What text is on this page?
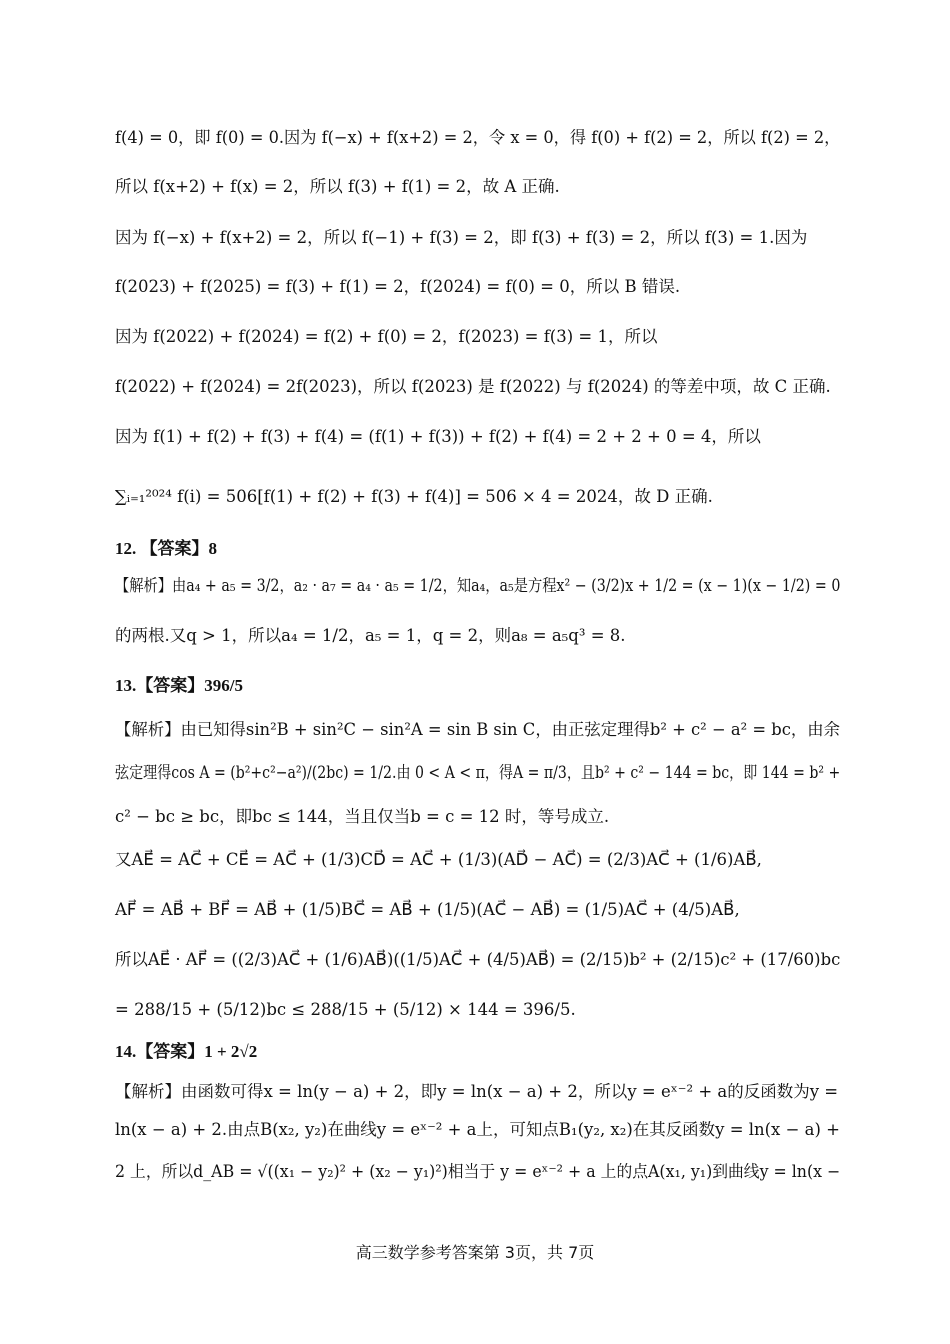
f(4) = 0，即 f(0) = 0.因为 f(−x) + f(x+2) = 2，令 x = 0，得 f(0) + f(2) = 2，所以 f(2) = 2，
所以 f(x+2) + f(x) = 2，所以 f(3) + f(1) = 2，故 A 正确.
因为 f(−x) + f(x+2) = 2，所以 f(−1) + f(3) = 2，即 f(3) + f(3) = 2，所以 f(3) = 1.因为
f(2023) + f(2025) = f(3) + f(1) = 2，f(2024) = f(0) = 0，所以 B 错误.
因为 f(2022) + f(2024) = f(2) + f(0) = 2，f(2023) = f(3) = 1，所以
f(2022) + f(2024) = 2f(2023)，所以 f(2023) 是 f(2022) 与 f(2024) 的等差中项，故 C 正确.
因为 f(1) + f(2) + f(3) + f(4) = (f(1) + f(3)) + f(2) + f(4) = 2 + 2 + 0 = 4，所以
∑ᵢ₌₁²⁰²⁴ f(i) = 506[f(1) + f(2) + f(3) + f(4)] = 506 × 4 = 2024，故 D 正确.
12. 【答案】8
【解析】由a₄ + a₅ = 3/2，a₂ · a₇ = a₄ · a₅ = 1/2，知a₄，a₅是方程x² − (3/2)x + 1/2 = (x − 1)(x − 1/2) = 0
的两根.又q > 1，所以a₄ = 1/2，a₅ = 1，q = 2，则a₈ = a₅q³ = 8.
13.【答案】396/5
【解析】由已知得sin²B + sin²C − sin²A = sin B sin C，由正弦定理得b² + c² − a² = bc，由余
弦定理得cos A = (b²+c²−a²)/(2bc) = 1/2.由 0 < A < π，得A = π/3，且b² + c² − 144 = bc，即 144 = b² +
c² − bc ≥ bc，即bc ≤ 144，当且仅当b = c = 12 时，等号成立.
又AE⃗ = AC⃗ + CE⃗ = AC⃗ + (1/3)CD⃗ = AC⃗ + (1/3)(AD⃗ − AC⃗) = (2/3)AC⃗ + (1/6)AB⃗,
AF⃗ = AB⃗ + BF⃗ = AB⃗ + (1/5)BC⃗ = AB⃗ + (1/5)(AC⃗ − AB⃗) = (1/5)AC⃗ + (4/5)AB⃗,
所以AE⃗ · AF⃗ = ((2/3)AC⃗ + (1/6)AB⃗)((1/5)AC⃗ + (4/5)AB⃗) = (2/15)b² + (2/15)c² + (17/60)bc
= 288/15 + (5/12)bc ≤ 288/15 + (5/12) × 144 = 396/5.
14.【答案】1 + 2√2
【解析】由函数可得x = ln(y − a) + 2，即y = ln(x − a) + 2，所以y = eˣ⁻² + a的反函数为y =
ln(x − a) + 2.由点B(x₂, y₂)在曲线y = eˣ⁻² + a上，可知点B₁(y₂, x₂)在其反函数y = ln(x − a) +
2 上，所以d_AB = √((x₁ − y₂)² + (x₂ − y₁)²)相当于 y = eˣ⁻² + a 上的点A(x₁, y₁)到曲线y = ln(x −
高三数学参考答案第 3页，共 7页
